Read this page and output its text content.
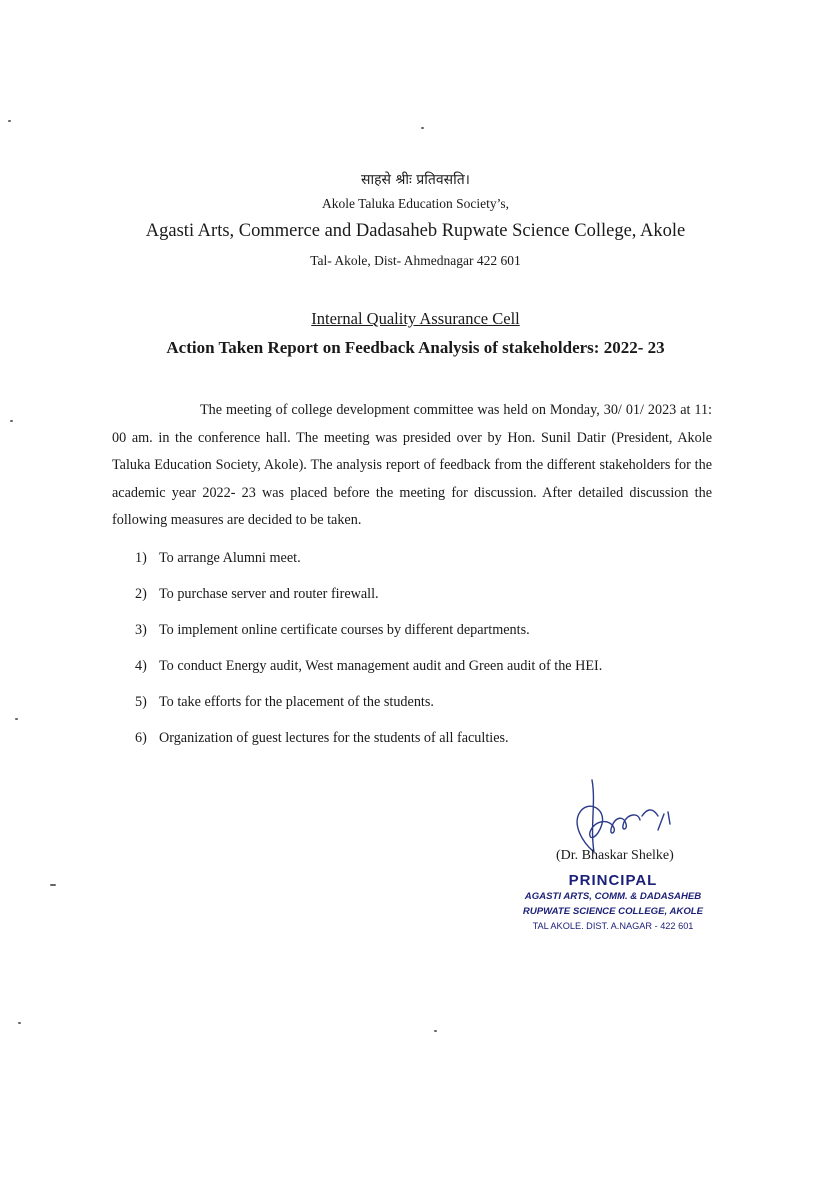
साहसे श्रीः प्रतिवसति।
Akole Taluka Education Society’s,
Agasti Arts, Commerce and Dadasaheb Rupwate Science College, Akole
Tal- Akole, Dist- Ahmednagar 422 601
Internal Quality Assurance Cell
Action Taken Report on Feedback Analysis of stakeholders: 2022- 23

The meeting of college development committee was held on Monday, 30/ 01/ 2023 at 11: 00 am. in the conference hall. The meeting was presided over by Hon. Sunil Datir (President, Akole Taluka Education Society, Akole). The analysis report of feedback from the different stakeholders for the academic year 2022- 23 was placed before the meeting for discussion. After detailed discussion the following measures are decided to be taken.

1) To arrange Alumni meet.
2) To purchase server and router firewall.
3) To implement online certificate courses by different departments.
4) To conduct Energy audit, West management audit and Green audit of the HEI.
5) To take efforts for the placement of the students.
6) Organization of guest lectures for the students of all faculties.
(Dr. Bhaskar Shelke)
PRINCIPAL
AGASTI ARTS, COMM. & DADASAHEB
RUPWATE SCIENCE COLLEGE, AKOLE
TAL AKOLE. DIST. A.NAGAR - 422 601
